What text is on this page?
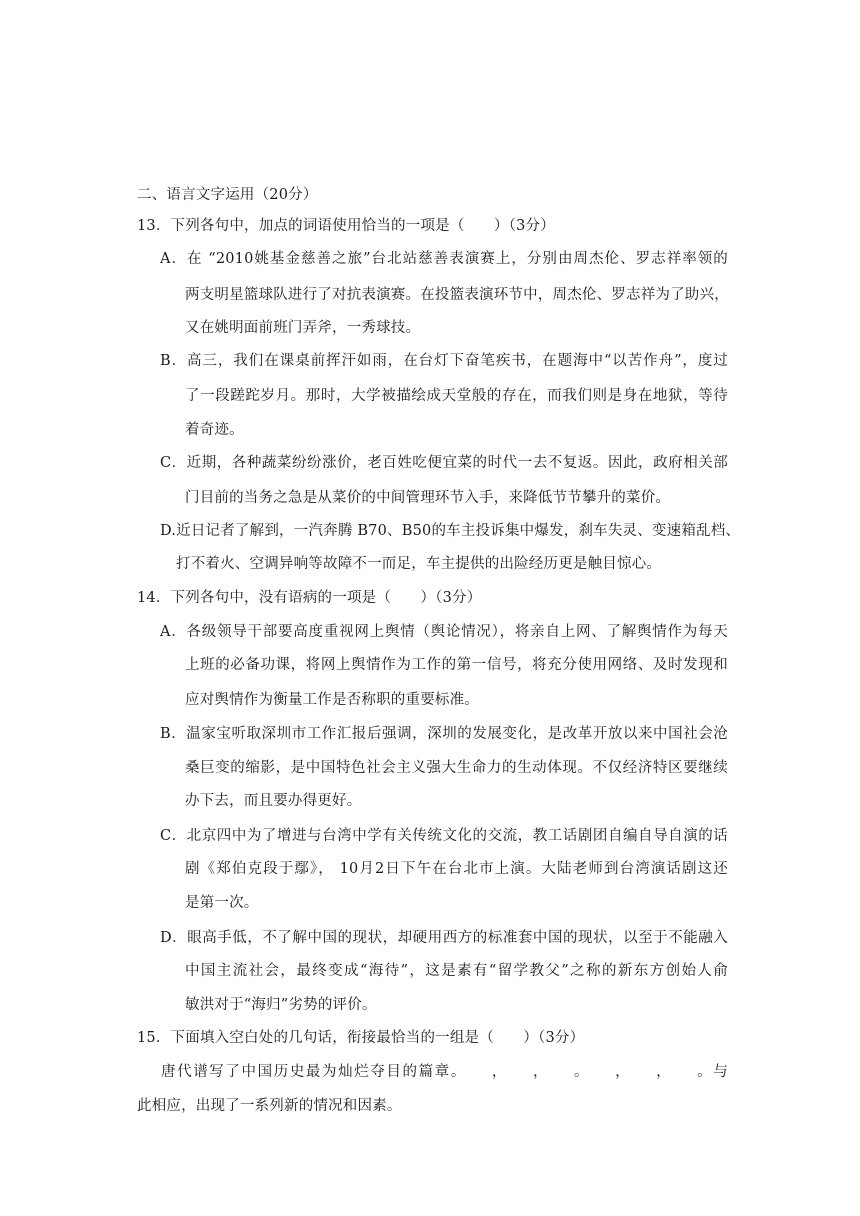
二、语言文字运用（20分）
13．下列各句中，加点的词语使用恰当的一项是（　　）（3分）
A．在 “2010姚基金慈善之旅”台北站慈善表演赛上，分别由周杰伦、罗志祥率领的
两支明星篮球队进行了对抗表演赛。在投篮表演环节中，周杰伦、罗志祥为了助兴，
又在姚明面前班门弄斧，一秀球技。
B．高三，我们在课桌前挥汗如雨，在台灯下奋笔疾书，在题海中“以苦作舟”，度过
了一段蹉跎岁月。那时，大学被描绘成天堂般的存在，而我们则是身在地狱，等待
着奇迹。
C．近期，各种蔬菜纷纷涨价，老百姓吃便宜菜的时代一去不复返。因此，政府相关部
门目前的当务之急是从菜价的中间管理环节入手，来降低节节攀升的菜价。
D.近日记者了解到，一汽奔腾 B70、B50的车主投诉集中爆发，刹车失灵、变速箱乱档、
打不着火、空调异响等故障不一而足，车主提供的出险经历更是触目惊心。
14．下列各句中，没有语病的一项是（　　）（3分）
A．各级领导干部要高度重视网上舆情（舆论情况），将亲自上网、了解舆情作为每天
上班的必备功课，将网上舆情作为工作的第一信号，将充分使用网络、及时发现和
应对舆情作为衡量工作是否称职的重要标准。
B．温家宝听取深圳市工作汇报后强调，深圳的发展变化，是改革开放以来中国社会沧
桑巨变的缩影，是中国特色社会主义强大生命力的生动体现。不仅经济特区要继续
办下去，而且要办得更好。
C．北京四中为了增进与台湾中学有关传统文化的交流，教工话剧团自编自导自演的话
剧《郑伯克段于鄢》， 10月2日下午在台北市上演。大陆老师到台湾演话剧这还
是第一次。
D．眼高手低，不了解中国的现状，却硬用西方的标准套中国的现状，以至于不能融入
中国主流社会，最终变成“海待”，这是素有“留学教父”之称的新东方创始人俞
敏洪对于“海归”劣势的评价。
15．下面填入空白处的几句话，衔接最恰当的一组是（　　）（3分）
唐代谱写了中国历史最为灿烂夺目的篇章。　　，　　，　　。　　，　　，　　。与
此相应，出现了一系列新的情况和因素。
